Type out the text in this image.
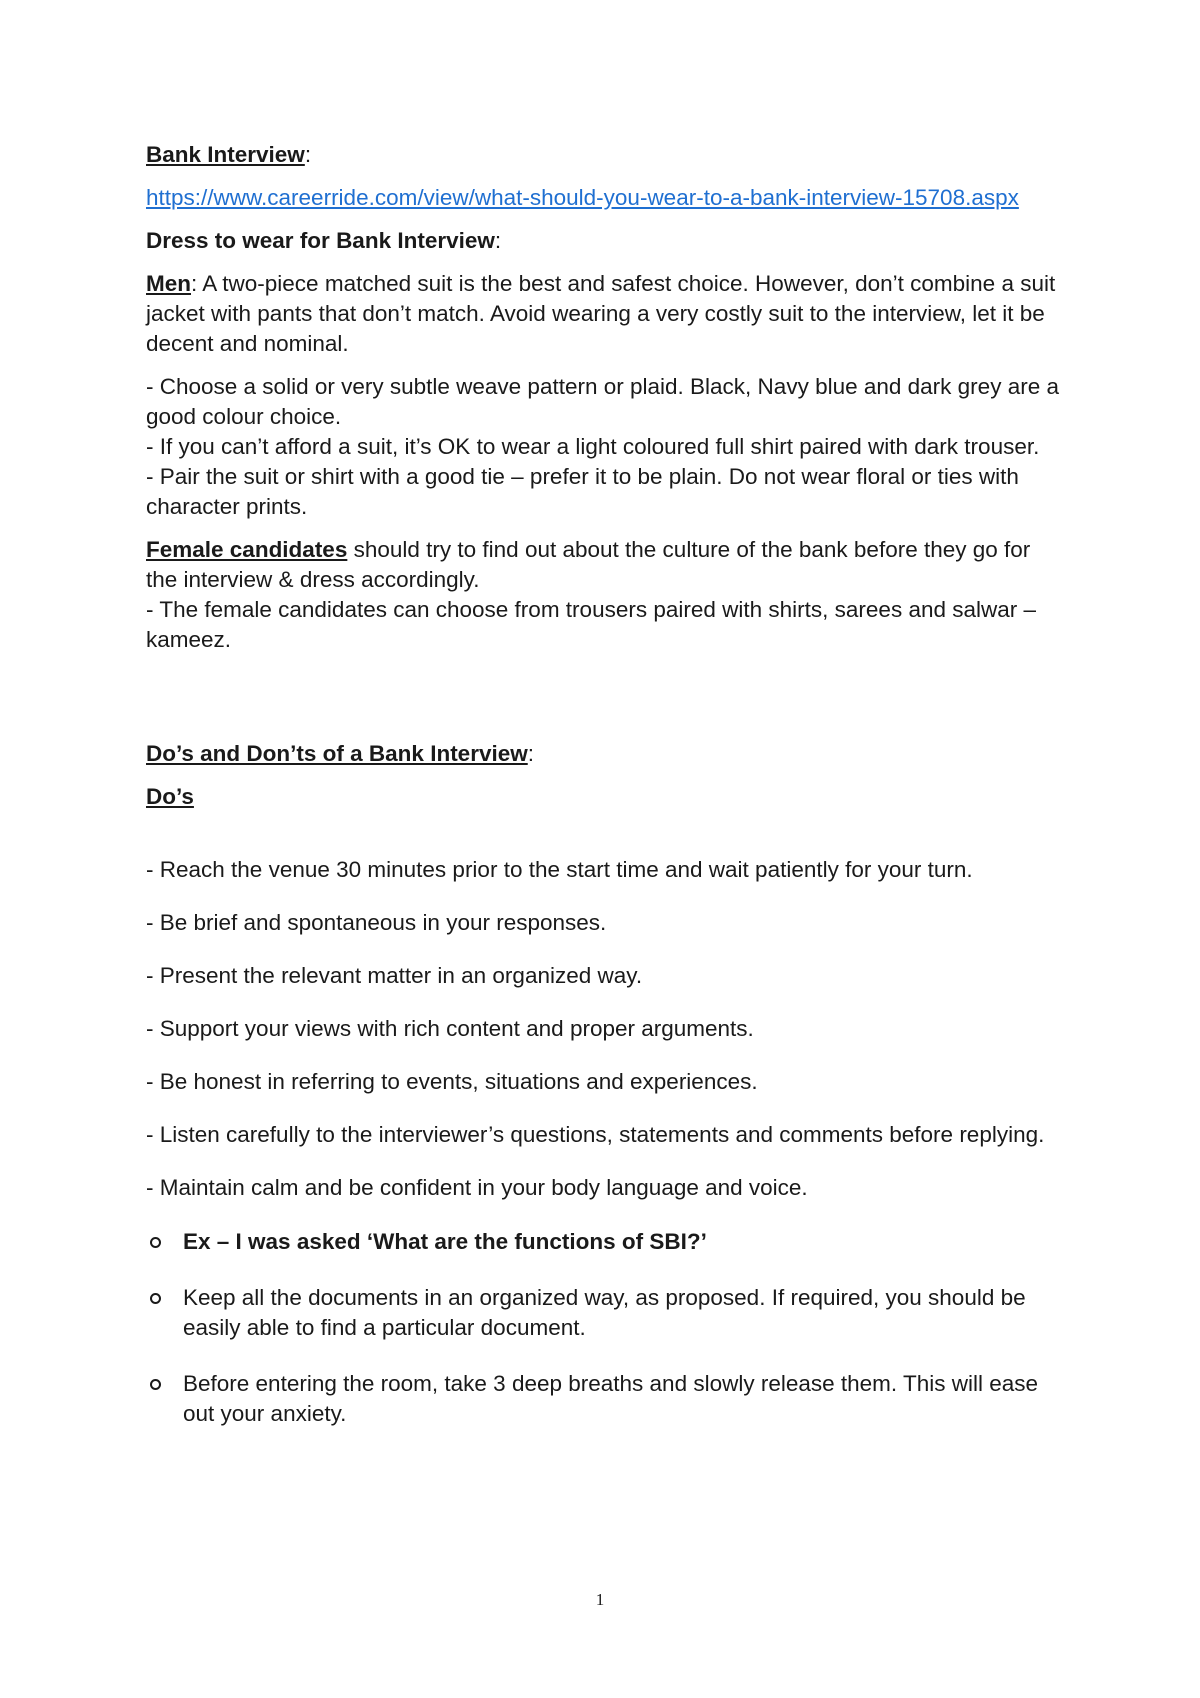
Bank Interview:

https://www.careerride.com/view/what-should-you-wear-to-a-bank-interview-15708.aspx

Dress to wear for Bank Interview:

Men: A two-piece matched suit is the best and safest choice. However, don’t combine a suit jacket with pants that don’t match. Avoid wearing a very costly suit to the interview, let it be decent and nominal.

- Choose a solid or very subtle weave pattern or plaid. Black, Navy blue and dark grey are a good colour choice.

- If you can’t afford a suit, it’s OK to wear a light coloured full shirt paired with dark trouser.

- Pair the suit or shirt with a good tie – prefer it to be plain. Do not wear floral or ties with character prints.

Female candidates should try to find out about the culture of the bank before they go for the interview & dress accordingly.

- The female candidates can choose from trousers paired with shirts, sarees and salwar – kameez.

Do’s and Don’ts of a Bank Interview:

Do’s

- Reach the venue 30 minutes prior to the start time and wait patiently for your turn.

- Be brief and spontaneous in your responses.

- Present the relevant matter in an organized way.

- Support your views with rich content and proper arguments.

- Be honest in referring to events, situations and experiences.

- Listen carefully to the interviewer’s questions, statements and comments before replying.

- Maintain calm and be confident in your body language and voice.

Ex – I was asked ‘What are the functions of SBI?’
Keep all the documents in an organized way, as proposed. If required, you should be easily able to find a particular document.
Before entering the room, take 3 deep breaths and slowly release them. This will ease out your anxiety.
1
